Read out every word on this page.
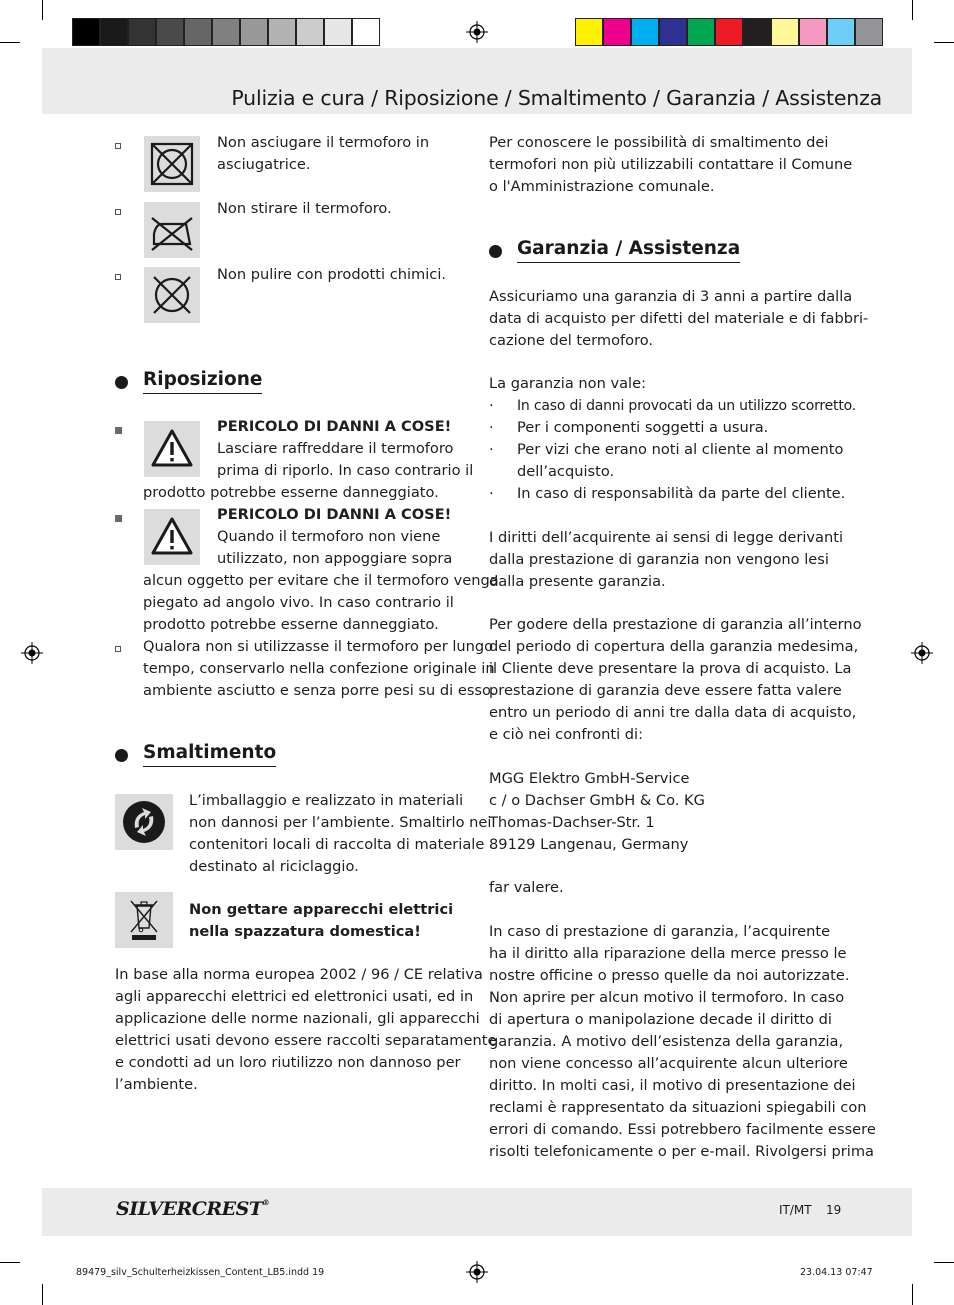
Pulizia e cura / Riposizione / Smaltimento / Garanzia / Assistenza
Non asciugare il termoforo in asciugatrice.
Non stirare il termoforo.
Non pulire con prodotti chimici.
Riposizione
PERICOLO DI DANNI A COSE!
Lasciare raffreddare il termoforo
prima di riporlo. In caso contrario il
prodotto potrebbe esserne danneggiato.
PERICOLO DI DANNI A COSE!
Quando il termoforo non viene
utilizzato, non appoggiare sopra
alcun oggetto per evitare che il termoforo venga
piegato ad angolo vivo. In caso contrario il
prodotto potrebbe esserne danneggiato.
Qualora non si utilizzasse il termoforo per lungo
tempo, conservarlo nella confezione originale in
ambiente asciutto e senza porre pesi su di esso.
Smaltimento
L’imballaggio e realizzato in materiali
non dannosi per l’ambiente. Smaltirlo nei
contenitori locali di raccolta di materiale
destinato al riciclaggio.
Non gettare apparecchi elettrici
nella spazzatura domestica!
In base alla norma europea 2002 / 96 / CE relativa
agli apparecchi elettrici ed elettronici usati, ed in
applicazione delle norme nazionali, gli apparecchi
elettrici usati devono essere raccolti separatamente
e condotti ad un loro riutilizzo non dannoso per
l’ambiente.
Per conoscere le possibilità di smaltimento dei
termofori non più utilizzabili contattare il Comune
o l'Amministrazione comunale.
Garanzia / Assistenza
Assicuriamo una garanzia di 3 anni a partire dalla
data di acquisto per difetti del materiale e di fabbri-
cazione del termoforo.
La garanzia non vale:
· In caso di danni provocati da un utilizzo scorretto.
· Per i componenti soggetti a usura.
· Per vizi che erano noti al cliente al momento
dell’acquisto.
· In caso di responsabilità da parte del cliente.
I diritti dell’acquirente ai sensi di legge derivanti
dalla prestazione di garanzia non vengono lesi
dalla presente garanzia.
Per godere della prestazione di garanzia all’interno
del periodo di copertura della garanzia medesima,
il Cliente deve presentare la prova di acquisto. La
prestazione di garanzia deve essere fatta valere
entro un periodo di anni tre dalla data di acquisto,
e ciò nei confronti di:
MGG Elektro GmbH-Service
c / o Dachser GmbH & Co. KG
Thomas-Dachser-Str. 1
89129 Langenau, Germany
far valere.
In caso di prestazione di garanzia, l’acquirente
ha il diritto alla riparazione della merce presso le
nostre officine o presso quelle da noi autorizzate.
Non aprire per alcun motivo il termoforo. In caso
di apertura o manipolazione decade il diritto di
garanzia. A motivo dell’esistenza della garanzia,
non viene concesso all’acquirente alcun ulteriore
diritto. In molti casi, il motivo di presentazione dei
reclami è rappresentato da situazioni spiegabili con
errori di comando. Essi potrebbero facilmente essere
risolti telefonicamente o per e-mail. Rivolgersi prima
SILVERCREST®
IT/MT 19
89479_silv_Schulterheizkissen_Content_LB5.indd 19	23.04.13 07:47
